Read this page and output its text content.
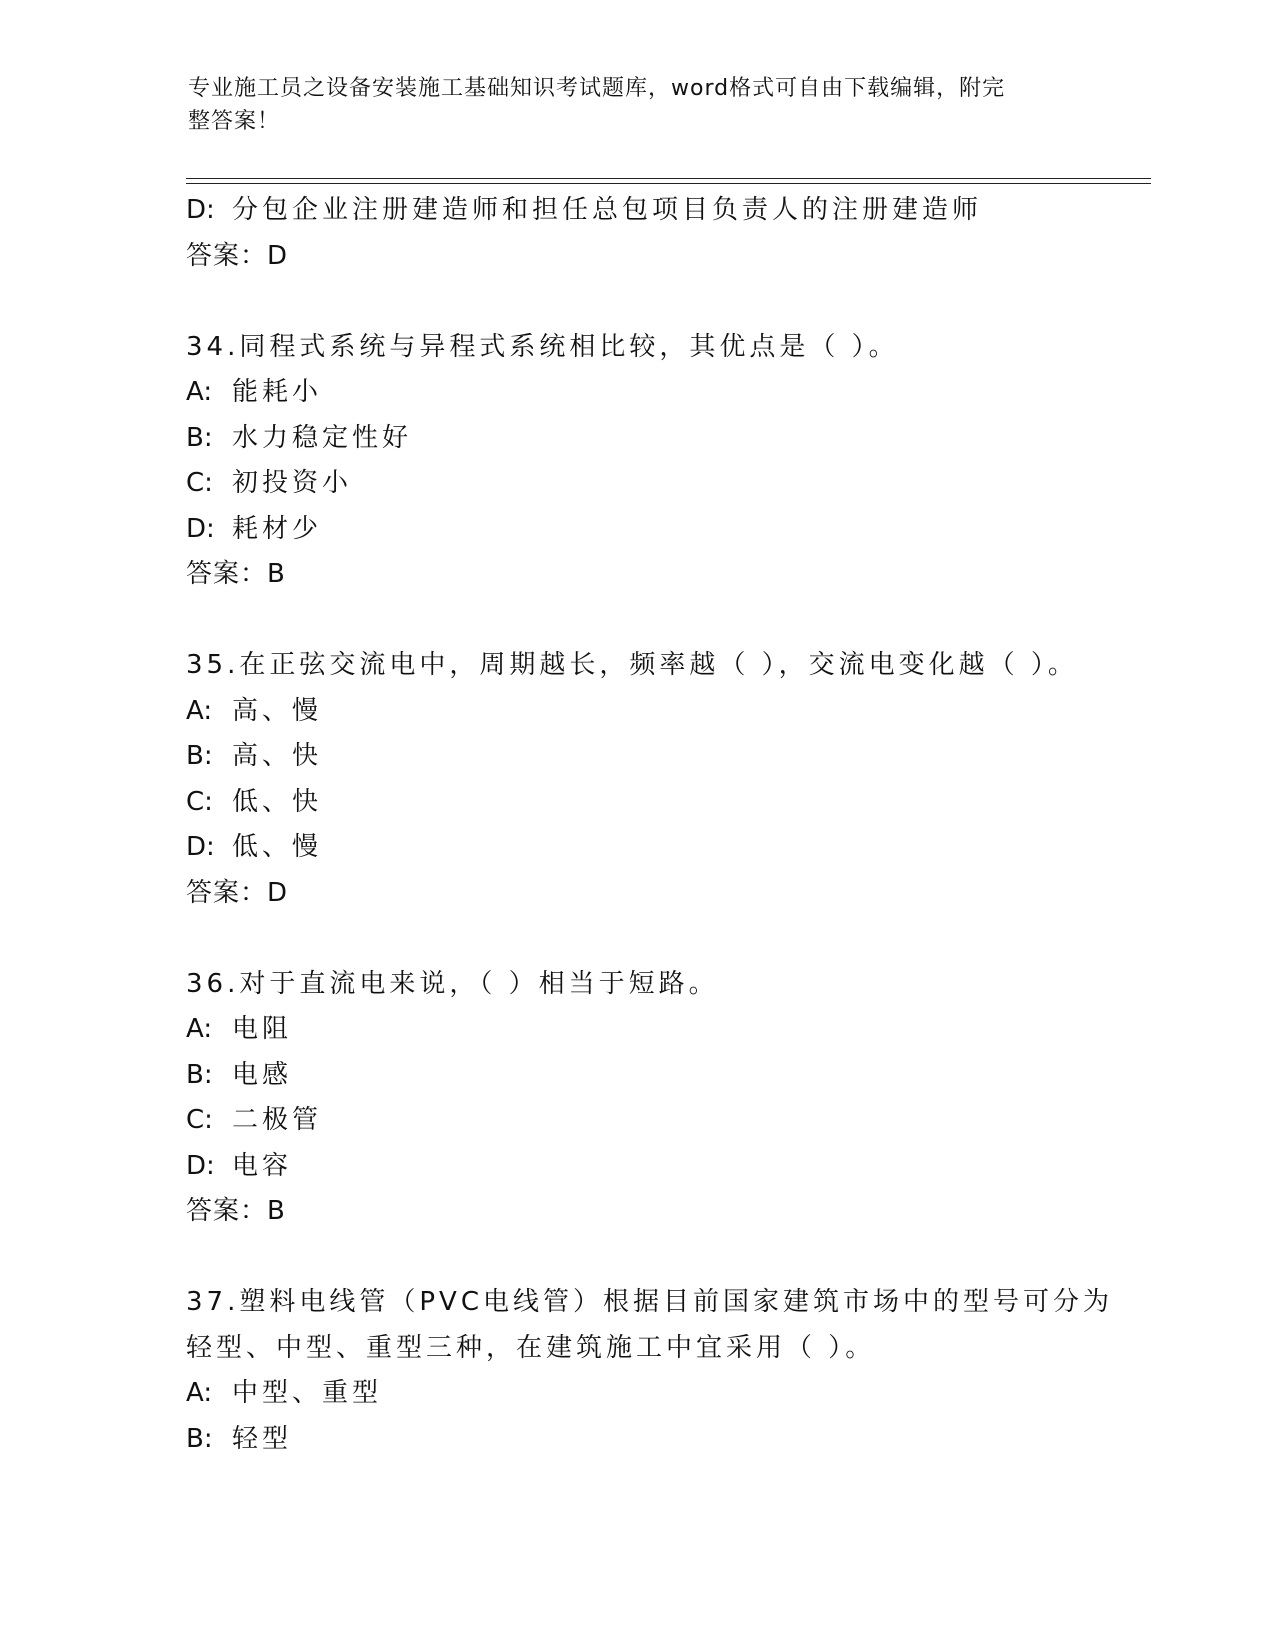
专业施工员之设备安装施工基础知识考试题库，word格式可自由下载编辑，附完
整答案！
D: 分包企业注册建造师和担任总包项目负责人的注册建造师
答案：D
34.同程式系统与异程式系统相比较，其优点是（ ）。
A: 能耗小
B: 水力稳定性好
C: 初投资小
D: 耗材少
答案：B
35.在正弦交流电中，周期越长，频率越（ ），交流电变化越（ ）。
A: 高、慢
B: 高、快
C: 低、快
D: 低、慢
答案：D
36.对于直流电来说，（ ）相当于短路。
A: 电阻
B: 电感
C: 二极管
D: 电容
答案：B
37.塑料电线管（PVC电线管）根据目前国家建筑市场中的型号可分为
轻型、中型、重型三种，在建筑施工中宜采用（ ）。
A: 中型、重型
B: 轻型
